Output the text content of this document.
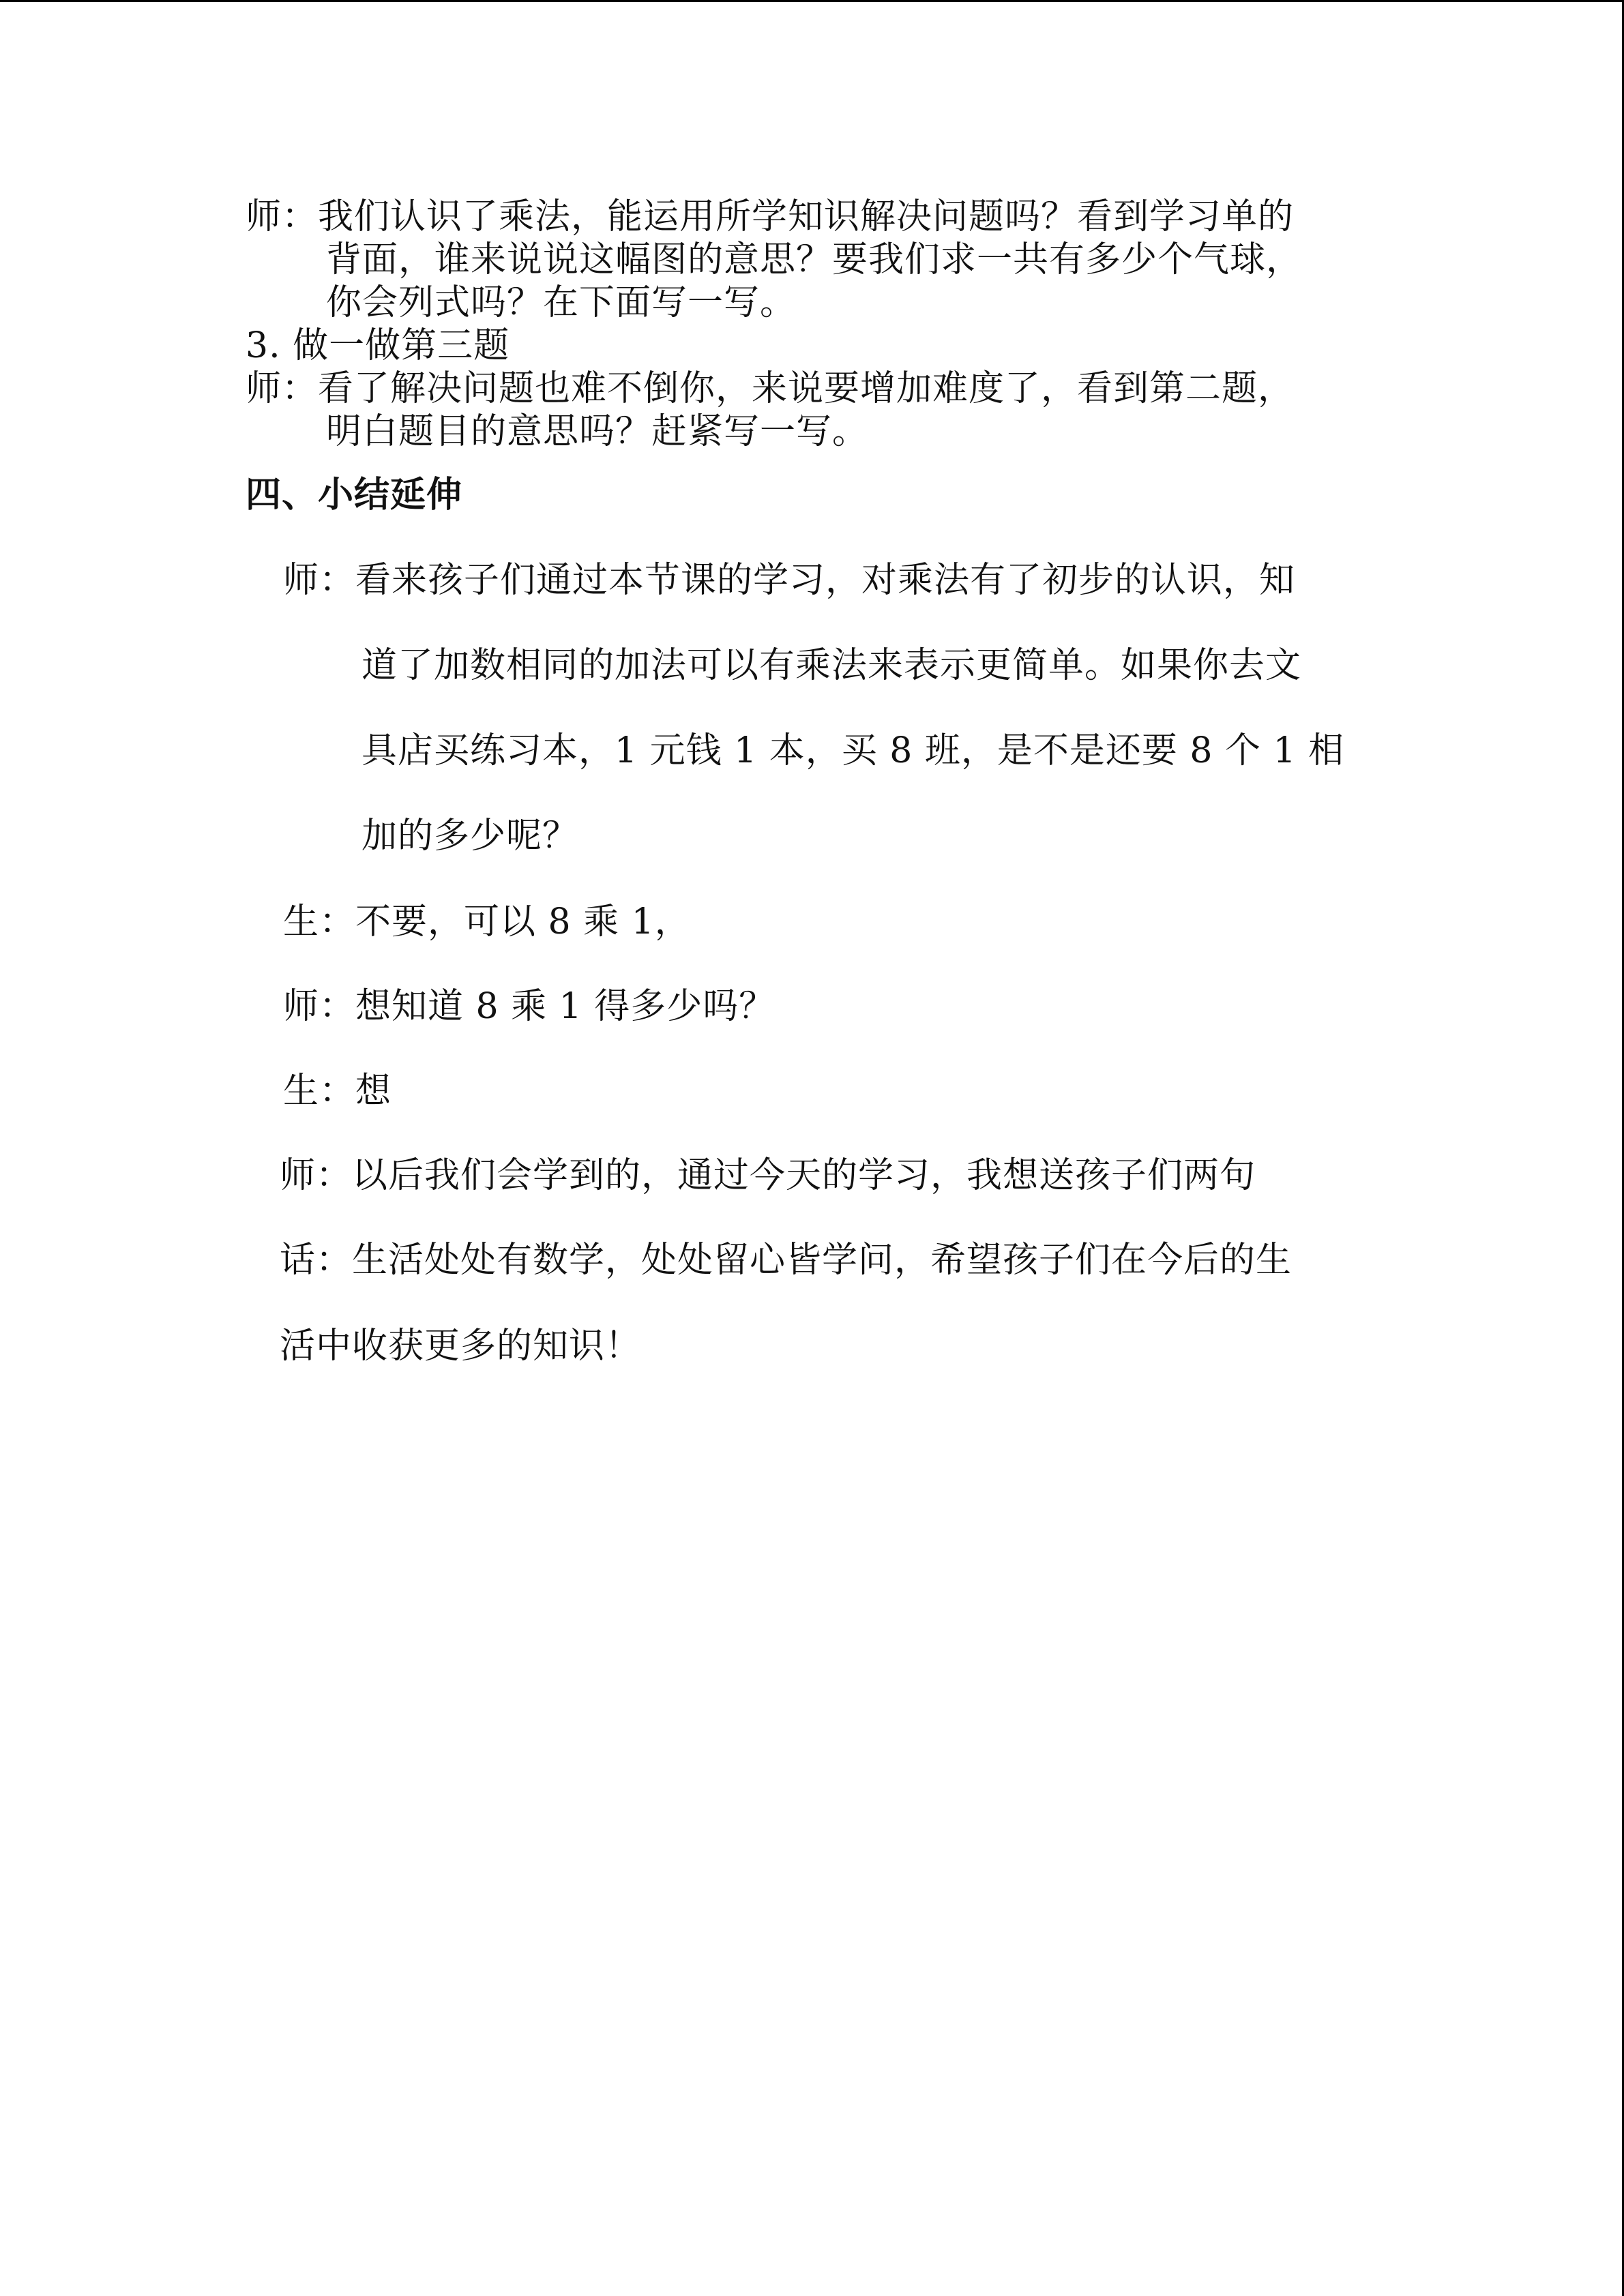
师：我们认识了乘法，能运用所学知识解决问题吗？看到学习单的
背面，谁来说说这幅图的意思？要我们求一共有多少个气球，
你会列式吗？在下面写一写。
3. 做一做第三题
师：看了解决问题也难不倒你，来说要增加难度了，看到第二题，
明白题目的意思吗？赶紧写一写。
四、小结延伸
师：看来孩子们通过本节课的学习，对乘法有了初步的认识，知
道了加数相同的加法可以有乘法来表示更简单。如果你去文
具店买练习本，1 元钱 1 本，买 8 班，是不是还要 8 个 1 相
加的多少呢？
生：不要，可以 8 乘 1，
师：想知道 8 乘 1 得多少吗？
生：想
师：以后我们会学到的，通过今天的学习，我想送孩子们两句
话：生活处处有数学，处处留心皆学问，希望孩子们在今后的生
活中收获更多的知识！
